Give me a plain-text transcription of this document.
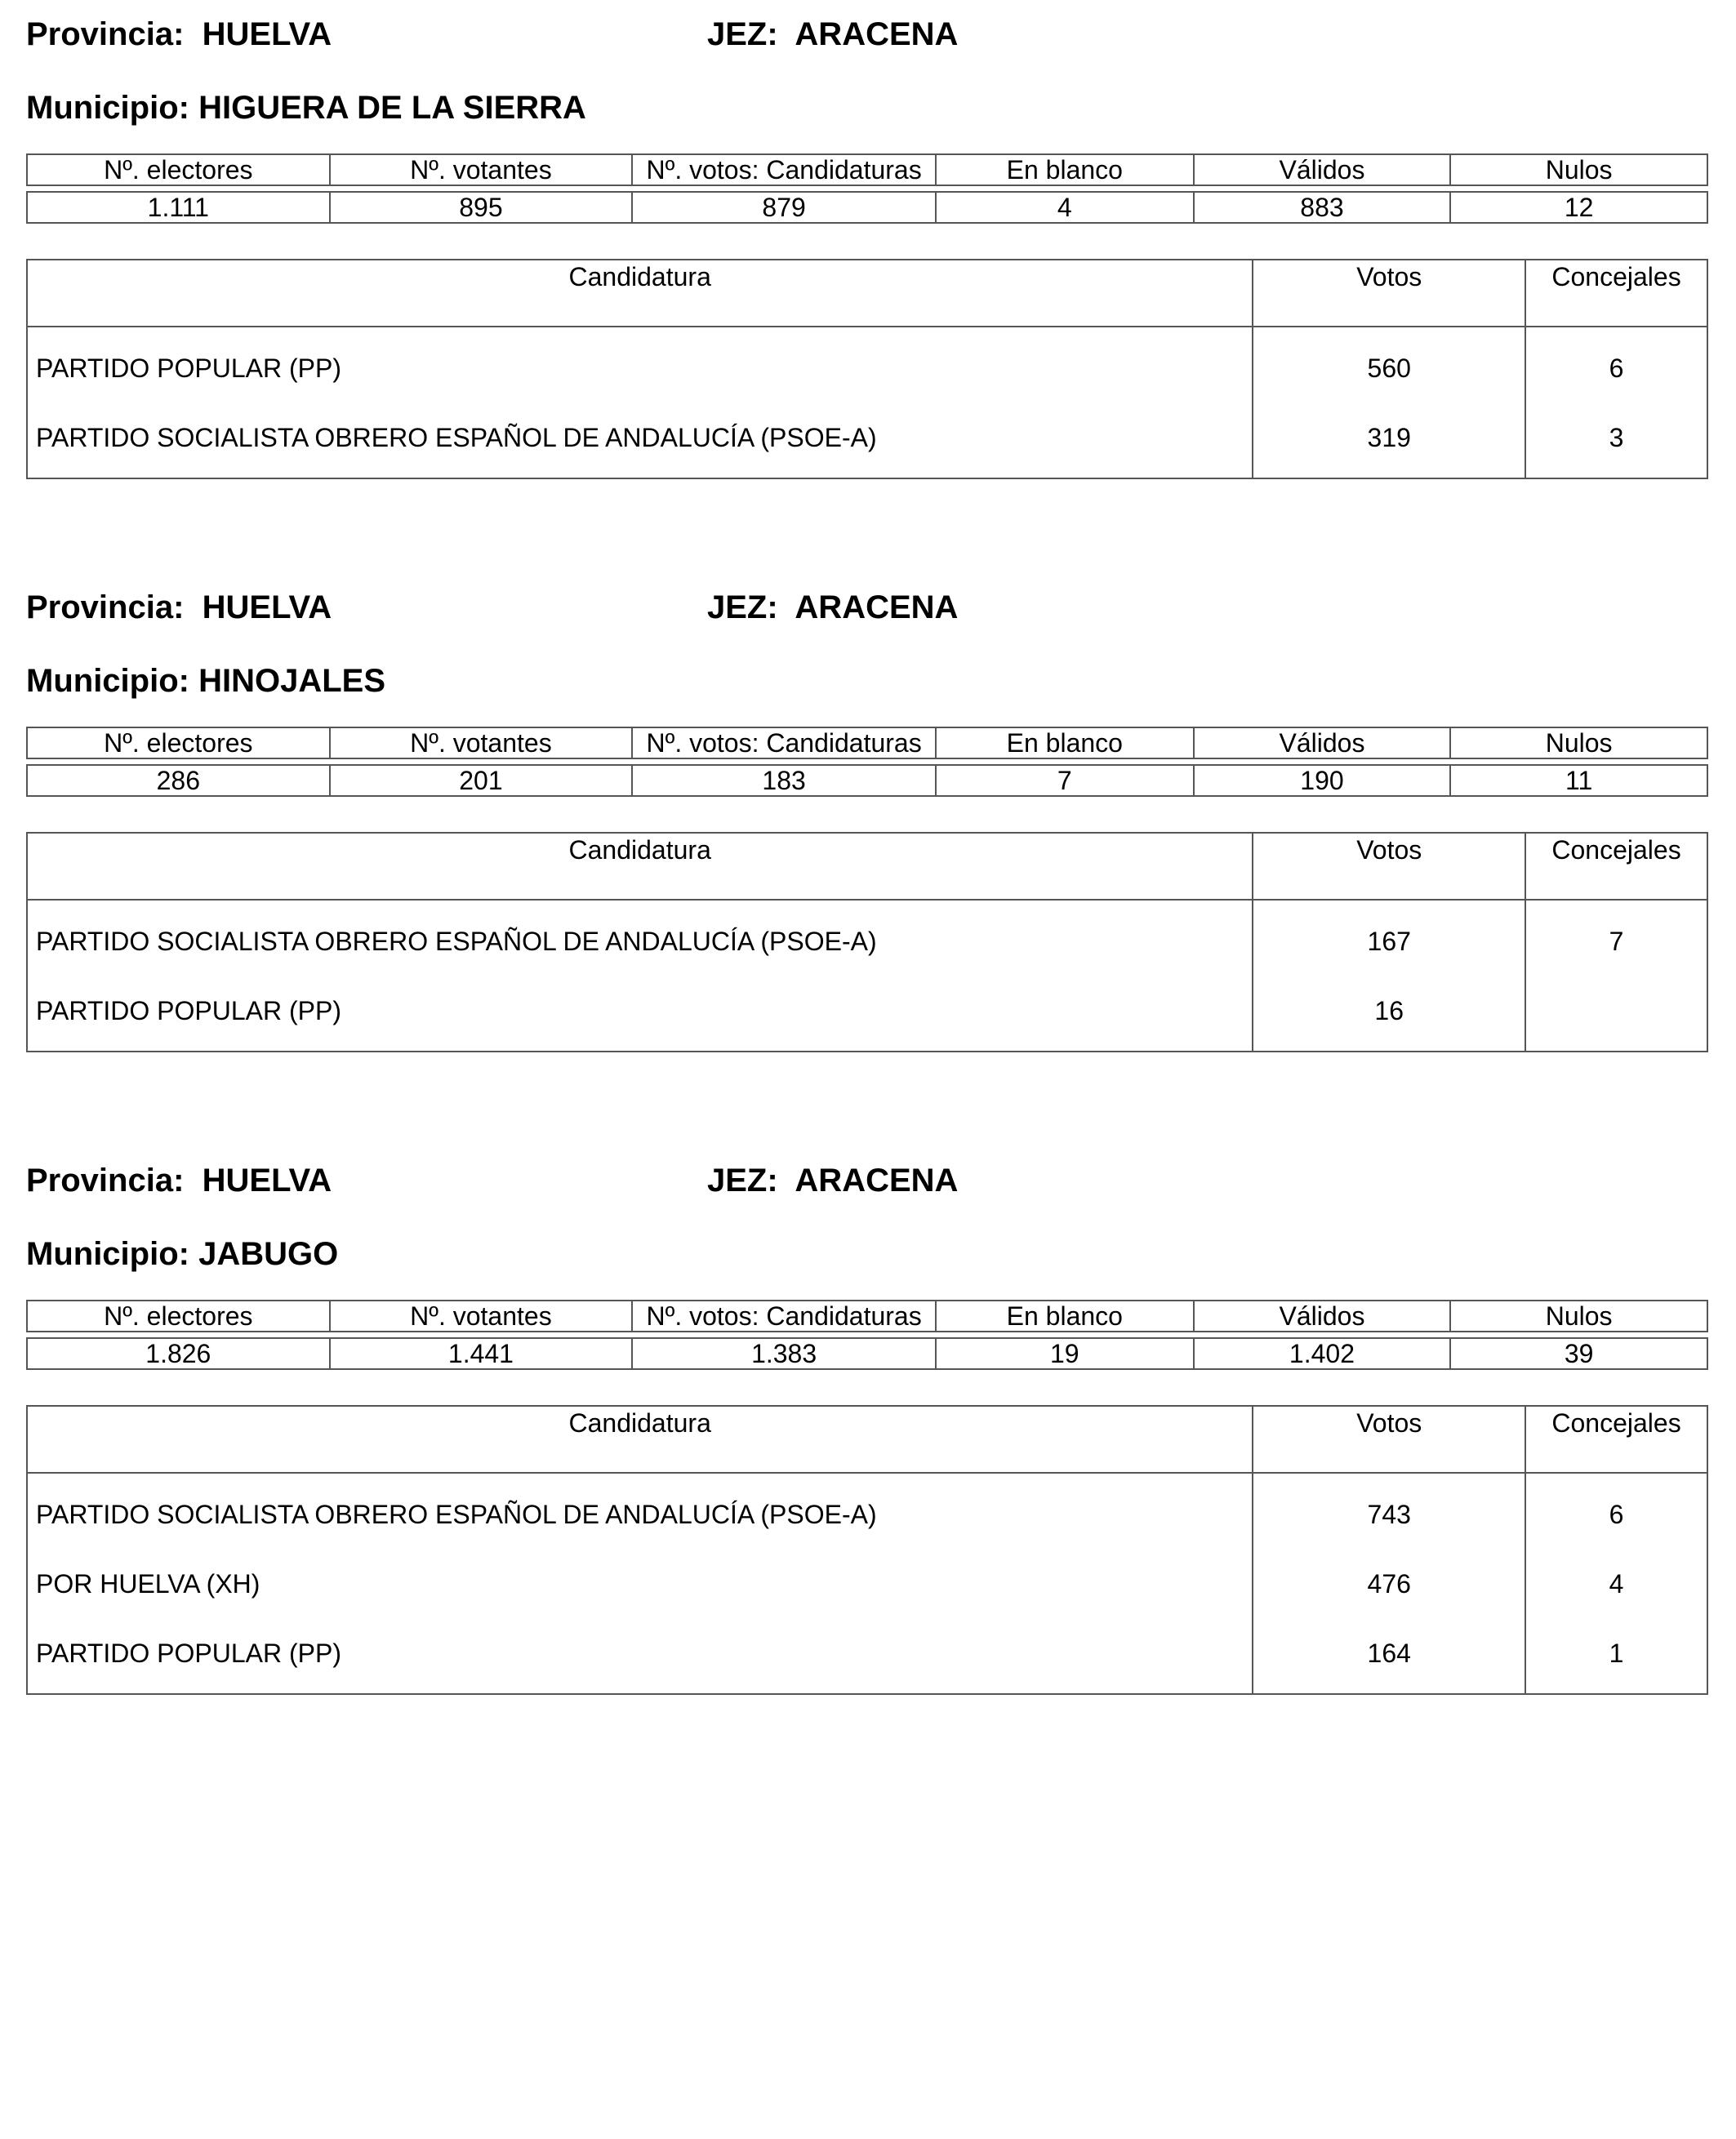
Provincia:  HUELVA	JEZ:  ARACENA
Municipio: HIGUERA DE LA SIERRA
Nº. electores	Nº. votantes	Nº. votos: Candidaturas	En blanco	Válidos	Nulos

1.111	895	879	4	883	12
Candidatura	Votos	Concejales
PARTIDO POPULAR (PP)	560	6
PARTIDO SOCIALISTA OBRERO ESPAÑOL DE ANDALUCÍA (PSOE-A)	319	3
Provincia:  HUELVA	JEZ:  ARACENA
Municipio: HINOJALES
Nº. electores	Nº. votantes	Nº. votos: Candidaturas	En blanco	Válidos	Nulos

286	201	183	7	190	11
Candidatura	Votos	Concejales
PARTIDO SOCIALISTA OBRERO ESPAÑOL DE ANDALUCÍA (PSOE-A)	167	7
PARTIDO POPULAR (PP)	16	
Provincia:  HUELVA	JEZ:  ARACENA
Municipio: JABUGO
Nº. electores	Nº. votantes	Nº. votos: Candidaturas	En blanco	Válidos	Nulos

1.826	1.441	1.383	19	1.402	39
Candidatura	Votos	Concejales
PARTIDO SOCIALISTA OBRERO ESPAÑOL DE ANDALUCÍA (PSOE-A)	743	6
POR HUELVA (XH)	476	4
PARTIDO POPULAR (PP)	164	1
